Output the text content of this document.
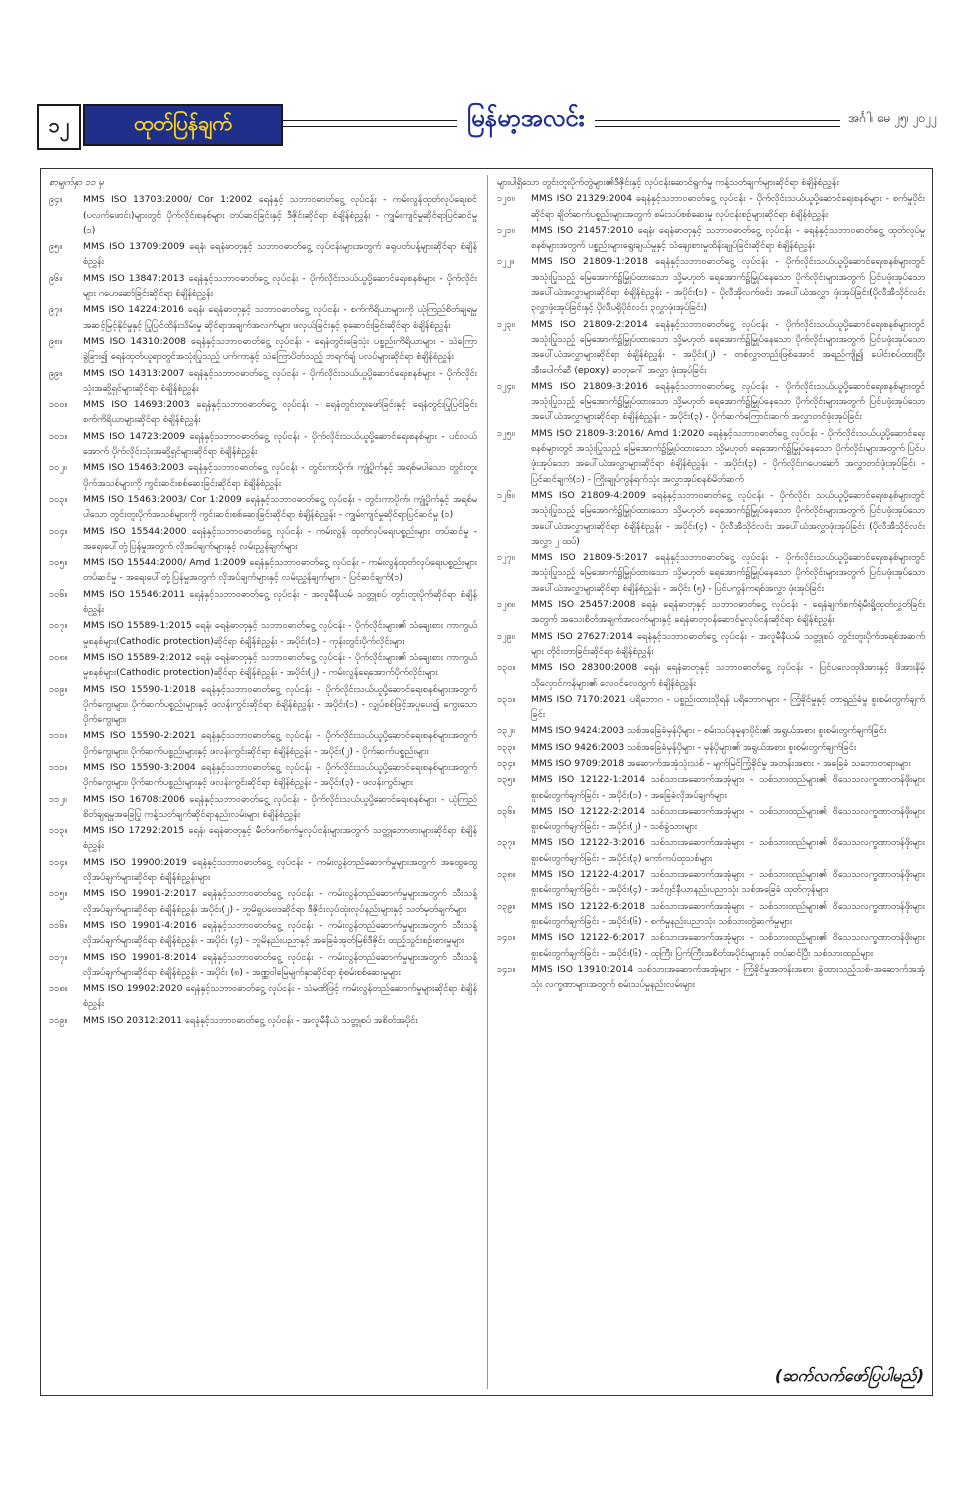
၁၂	ထုတ်ပြန်ချက်	မြန်မာ့အလင်း	အင်္ဂါ၊ မေ ၂၅၊ ၂၀၂၂
စာမျက်နှာ ၁၁ မှ
၉၄။	MMS ISO 13703:2000/ Cor 1:2002 ရေနံနှင့် သဘာဝဓာတ်ငွေ့ လုပ်ငန်း - ကမ်းလွန်ထုတ်လုပ်ရေးစင် (ပလက်ဖောင်း)များတွင် ပိုက်လိုင်းစနစ်များ တပ်ဆင်ခြင်းနှင့် ဒီဇိုင်းဆိုင်ရာ စံချိန်စံညွှန်း - ကျွမ်းကျင်မှုဆိုင်ရာပြင်ဆင်မှု (၁)
၉၅။	MMS ISO 13709:2009 ရေနံ၊ ရေနံဓာတုနှင့် သဘာဝဓာတ်ငွေ့ လုပ်ငန်းများအတွက် ခရုပတ်ပန့်များဆိုင်ရာ စံချိန်စံညွှန်း
၉၆။	MMS ISO 13847:2013 ရေနံနှင့်သဘာဝဓာတ်ငွေ့ လုပ်ငန်း - ပိုက်လိုင်းသယ်ယူပို့ဆောင်ရေးစနစ်များ - ပိုက်လိုင်းများ ဂဟေဆော်ခြင်းဆိုင်ရာ စံချိန်စံညွှန်း
၉၇။	MMS ISO 14224:2016 ရေနံ၊ ရေနံဓာတုနှင့် သဘာဝဓာတ်ငွေ့ လုပ်ငန်း - စက်ကိရိယာများကို ယုံကြည်စိတ်ချရမှုအဆင့်မြင့်နိုင်မှုနှင့် ပြုပြင်ထိန်းသိမ်းမှု ဆိုင်ရာအချက်အလက်များ ဖလှယ်ခြင်းနှင့် စုဆောင်းခြင်းဆိုင်ရာ စံချိန်စံညွှန်း
၉၈။	MMS ISO 14310:2008 ရေနံနှင့်သဘာဝဓာတ်ငွေ့ လုပ်ငန်း - ရေနံတွင်းခြေသုံး ပစ္စည်းကိရိယာများ - သဲကြောခွဲခြား၍ ရေနံထုတ်ယူရာတွင်အသုံးပြုသည့် ပက်ကာနှင့် သဲကြောပိတ်သည့် ဘရက်ချ် ပလပ်များဆိုင်ရာ စံချိန်စံညွှန်း
၉၉။	MMS ISO 14313:2007 ရေနံနှင့်သဘာဝဓာတ်ငွေ့ လုပ်ငန်း - ပိုက်လိုင်းသယ်ယူပို့ဆောင်ရေးစနစ်များ - ပိုက်လိုင်းသုံးအဆို့ရှင်များဆိုင်ရာ စံချိန်စံညွှန်း
၁၀၀။	MMS ISO 14693:2003 ရေနံနှင့်သဘာဝဓာတ်ငွေ့ လုပ်ငန်း - ရေနံတွင်းတူးဖော်ခြင်းနှင့် ရေနံတွင်းပြုပြင်ခြင်း စက်ကိရိယာများဆိုင်ရာ စံချိန်စံညွှန်း
၁၀၁။	MMS ISO 14723:2009 ရေနံနှင့်သဘာဝဓာတ်ငွေ့ လုပ်ငန်း - ပိုက်လိုင်းသယ်ယူပို့ဆောင်ရေးစနစ်များ - ပင်လယ်အောက် ပိုက်လိုင်းသုံးအဆို့ရှင်များဆိုင်ရာ စံချိန်စံညွှန်း
၁၀၂။	MMS ISO 15463:2003 ရေနံနှင့်သဘာဝဓာတ်ငွေ့ လုပ်ငန်း - တွင်းကာပိုက်၊ ကျုံ့ပိုက်နှင့် အရစ်မပါသော တွင်းတူးပိုက်အသစ်များကို ကွင်းဆင်းစစ်ဆေးခြင်းဆိုင်ရာ စံချိန်စံညွှန်း
၁၀၃။	MMS ISO 15463:2003/ Cor 1:2009 ရေနံနှင့်သဘာဝဓာတ်ငွေ့ လုပ်ငန်း - တွင်းကာပိုက်၊ ကျုံ့ပိုက်နှင့် အရစ်မပါသော တွင်းတူးပိုက်အသစ်များကို ကွင်းဆင်းစစ်ဆေးခြင်းဆိုင်ရာ စံချိန်စံညွှန်း - ကျွမ်းကျင်မှုဆိုင်ရာပြင်ဆင်မှု (၁)
၁၀၄။	MMS ISO 15544:2000 ရေနံနှင့်သဘာဝဓာတ်ငွေ့ လုပ်ငန်း - ကမ်းလွန် ထုတ်လုပ်ရေးပစ္စည်းများ တပ်ဆင်မှု - အရေးပေါ်တုံ့ပြန်မှုအတွက် လိုအပ်ချက်များနှင့် လမ်းညွှန်ချက်များ
၁၀၅။	MMS ISO 15544:2000/ Amd 1:2009 ရေနံနှင့်သဘာဝဓာတ်ငွေ့ လုပ်ငန်း - ကမ်းလွန်ထုတ်လုပ်ရေးပစ္စည်းများတပ်ဆင်မှု - အရေးပေါ်တုံ့ပြန်မှုအတွက် လိုအပ်ချက်များနှင့် လမ်းညွှန်ချက်များ - ပြင်ဆင်ချက်(၁)
၁၀၆။	MMS ISO 15546:2011 ရေနံနှင့်သဘာဝဓာတ်ငွေ့ လုပ်ငန်း - အလူမီနီယမ် သတ္တုစပ် တွင်းတူးပိုက်ဆိုင်ရာ စံချိန်စံညွှန်း
၁၀၇။	MMS ISO 15589-1:2015 ရေနံ၊ ရေနံဓာတုနှင့် သဘာဝဓာတ်ငွေ့ လုပ်ငန်း - ပိုက်လိုင်းများ၏ သံချေးစား ကာကွယ်မှုစနစ်များ(Cathodic protection)ဆိုင်ရာ စံချိန်စံညွှန်း - အပိုင်း(၁) - ကုန်းတွင်းပိုက်လိုင်းများ
၁၀၈။	MMS ISO 15589-2:2012 ရေနံ၊ ရေနံဓာတုနှင့် သဘာဝဓာတ်ငွေ့ လုပ်ငန်း - ပိုက်လိုင်းများ၏ သံချေးစား ကာကွယ်မှုစနစ်များ(Cathodic protection)ဆိုင်ရာ စံချိန်စံညွှန်း - အပိုင်း(၂) - ကမ်းလွန်ရေအောက်ပိုက်လိုင်းများ
၁၀၉။	MMS ISO 15590-1:2018 ရေနံနှင့်သဘာဝဓာတ်ငွေ့ လုပ်ငန်း - ပိုက်လိုင်းသယ်ယူပို့ဆောင်ရေးစနစ်များအတွက် ပိုက်ကွေးများ၊ ပိုက်ဆက်ပစ္စည်းများနှင့် ဖလန်းကွင်းဆိုင်ရာ စံချိန်စံညွှန်း - အပိုင်း(၁) - လျှပ်စစ်ဖြင့်အပူပေး၍ ကွေးသောပိုက်ကွေးများ
၁၁၀။	MMS ISO 15590-2:2021 ရေနံနှင့်သဘာဝဓာတ်ငွေ့ လုပ်ငန်း - ပိုက်လိုင်းသယ်ယူပို့ဆောင်ရေးစနစ်များအတွက် ပိုက်ကွေးများ၊ ပိုက်ဆက်ပစ္စည်းများနှင့် ဖလန်းကွင်းဆိုင်ရာ စံချိန်စံညွှန်း - အပိုင်း(၂) - ပိုက်ဆက်ပစ္စည်းများ
၁၁၁။	MMS ISO 15590-3:2004 ရေနံနှင့်သဘာဝဓာတ်ငွေ့ လုပ်ငန်း - ပိုက်လိုင်းသယ်ယူပို့ဆောင်ရေးစနစ်များအတွက် ပိုက်ကွေးများ၊ ပိုက်ဆက်ပစ္စည်းများနှင့် ဖလန်းကွင်းဆိုင်ရာ စံချိန်စံညွှန်း - အပိုင်း(၃) - ဖလန်းကွင်းများ
၁၁၂။	MMS ISO 16708:2006 ရေနံနှင့်သဘာဝဓာတ်ငွေ့ လုပ်ငန်း - ပိုက်လိုင်းသယ်ယူပို့ဆောင်ရေးစနစ်များ - ယုံကြည်စိတ်ချရမှုအခြေပြု ကန့်သတ်ချက်ဆိုင်ရာနည်းလမ်းများ စံချိန်စံညွှန်း
၁၁၃။	MMS ISO 17292:2015 ရေနံ၊ ရေနံဓာတုနှင့် မီတ်ဖက်စက်မှုလုပ်ငန်းများအတွက် သတ္တုဘောဗားများဆိုင်ရာ စံချိန်စံညွှန်း
၁၁၄။	MMS ISO 19900:2019 ရေနံနှင့်သဘာဝဓာတ်ငွေ့ လုပ်ငန်း - ကမ်းလွန်တည်ဆောက်မှုများအတွက် အထွေထွေလိုအပ်ချက်များဆိုင်ရာ စံချိန်စံညွှန်းများ
၁၁၅။	MMS ISO 19901-2:2017 ရေနံနှင့်သဘာဝဓာတ်ငွေ့ လုပ်ငန်း - ကမ်းလွန်တည်ဆောက်မှုများအတွက် သီးသန့်လိုအပ်ချက်များဆိုင်ရာ စံချိန်စံညွှန်း အပိုင်း(၂) - ဘူမိရူပဗေဒဆိုင်ရာ ဒီဇိုင်းလုပ်ထုံးလုပ်နည်းများနှင့် သတ်မှတ်ချက်များ
၁၁၆။	MMS ISO 19901-4:2016 ရေနံနှင့်သဘာဝဓာတ်ငွေ့ လုပ်ငန်း - ကမ်းလွန်တည်ဆောက်မှုများအတွက် သီးသန့်လိုအပ်ချက်များဆိုင်ရာ စံချိန်စံညွှန်း - အပိုင်း (၄) - ဘူမိနည်းပညာနှင့် အခြေခံအုတ်မြစ်ဒီဇိုင်း ထည့်သွင်းစဉ်းစားမှုများ
၁၁၇။	MMS ISO 19901-8:2014 ရေနံနှင့်သဘာဝဓာတ်ငွေ့ လုပ်ငန်း - ကမ်းလွန်တည်ဆောက်မှုများအတွက် သီးသန့်လိုအပ်ချက်များဆိုင်ရာ စံချိန်စံညွှန်း - အပိုင်း (၈) - အဏ္ဏဝါမြေမျက်နှာဆိုင်ရာ စုံစမ်းစစ်ဆေးမှုများ
၁၁၈။	MMS ISO 19902:2020 ရေနံနှင့်သဘာဝဓာတ်ငွေ့ လုပ်ငန်း - သံမဏိဖြင့် ကမ်းလွန်တည်ဆောက်မှုများဆိုင်ရာ စံချိန်စံညွှန်း
၁၁၉။	MMS ISO 20312:2011 ရေနံနှင့်သဘာဝဓာတ်ငွေ့ လုပ်ငန်း - အလူမီနီယံ သတ္တုစပ် အစိတ်အပိုင်း
များပါရှိသော တွင်းတူးပိုက်တွဲများ၏ဒီဇိုင်းနှင့် လုပ်ငန်းဆောင်ရွက်မှု ကန့်သတ်ချက်များဆိုင်ရာ စံချိန်စံညွှန်း
၁၂၀။	MMS ISO 21329:2004 ရေနံနှင့်သဘာဝဓာတ်ငွေ့ လုပ်ငန်း - ပိုက်လိုင်းသယ်ယူပို့ဆောင်ရေးစနစ်များ - စက်မှုပိုင်းဆိုင်ရာ ချိတ်ဆက်ပစ္စည်းများအတွက် စမ်းသပ်စစ်ဆေးမှု လုပ်ငန်းစဉ်များဆိုင်ရာ စံချိန်စံညွှန်း
၁၂၁။	MMS ISO 21457:2010 ရေနံ၊ ရေနံဓာတုနှင့် သဘာဝဓာတ်ငွေ့ လုပ်ငန်း - ရေနံနှင့်သဘာဝဓာတ်ငွေ့ ထုတ်လုပ်မှုစနစ်များအတွက် ပစ္စည်းများရွေးချယ်မှုနှင့် သံချေးစားမှုထိန်းချုပ်ခြင်းဆိုင်ရာ စံချိန်စံညွှန်း
၁၂၂။	MMS ISO 21809-1:2018 ရေနံနှင့်သဘာဝဓာတ်ငွေ့ လုပ်ငန်း - ပိုက်လိုင်းသယ်ယူပို့ဆောင်ရေးစနစ်များတွင် အသုံးပြုသည့် မြေအောက်၌မြှုပ်ထားသော သို့မဟုတ် ရေအောက်၌မြှုပ်နေသော ပိုက်လိုင်းများအတွက် ပြင်ပဖုံးအုပ်သော အပေါ်ယံအလွှာများဆိုင်ရာ စံချိန်စံညွှန်း - အပိုင်း(၁) - ပိုလီအိုလက်ဖင်း အပေါ်ယံအလွှာ ဖုံးအုပ်ခြင်း(ပိုလီအီသိုင်လင်း ၃လွှာဖုံးအုပ်ခြင်းနှင့် ပိုလီပရိုပိုင်လင်း ၃လွှာဖုံးအုပ်ခြင်း)
၁၂၃။	MMS ISO 21809-2:2014 ရေနံနှင့်သဘာဝဓာတ်ငွေ့ လုပ်ငန်း - ပိုက်လိုင်းသယ်ယူပို့ဆောင်ရေးစနစ်များတွင် အသုံးပြုသည့် မြေအောက်၌မြှုပ်ထားသော သို့မဟုတ် ရေအောက်၌မြှုပ်နေသော ပိုက်လိုင်းများအတွက် ပြင်ပဖုံးအုပ်သော အပေါ်ယံအလွှာများဆိုင်ရာ စံချိန်စံညွှန်း - အပိုင်း(၂) - တစ်လွှာတည်းဖြစ်အောင် အရည်ကျို၍ ပေါင်းစပ်ထားပြီး အီးပေါက်ဆီ (epoxy) ဓာတုဂေါ် အလွှာ ဖုံးအုပ်ခြင်း
၁၂၄။	MMS ISO 21809-3:2016 ရေနံနှင့်သဘာဝဓာတ်ငွေ့ လုပ်ငန်း - ပိုက်လိုင်းသယ်ယူပို့ဆောင်ရေးစနစ်များတွင် အသုံးပြုသည့် မြေအောက်၌မြှုပ်ထားသော သို့မဟုတ် ရေအောက်၌မြှုပ်နေသော ပိုက်လိုင်းများအတွက် ပြင်ပဖုံးအုပ်သော အပေါ်ယံအလွှာများဆိုင်ရာ စံချိန်စံညွှန်း - အပိုင်း(၃) - ပိုက်ဆက်ကြောင်းဆက် အလွှာတင်ဖုံးအုပ်ခြင်း
၁၂၅။	MMS ISO 21809-3:2016/ Amd 1:2020 ရေနံနှင့်သဘာဝဓာတ်ငွေ့ လုပ်ငန်း - ပိုက်လိုင်းသယ်ယူပို့ဆောင်ရေးစနစ်များတွင် အသုံးပြုသည့် မြေအောက်၌မြှုပ်ထားသော သို့မဟုတ် ရေအောက်၌မြှုပ်နေသော ပိုက်လိုင်းများအတွက် ပြင်ပဖုံးအုပ်သော အပေါ်ယံအလွှာများဆိုင်ရာ စံချိန်စံညွှန်း - အပိုင်း(၃) - ပိုက်လိုင်းဂဟေဆော် အလွှာတင်ဖုံးအုပ်ခြင်း - ပြင်ဆင်ချက်(၁) - ကြိုးချုပ်ကွန်ရက်သုံး အလွှာအုပ်စနစ်မိတ်ဆက်
၁၂၆။	MMS ISO 21809-4:2009 ရေနံနှင့်သဘာဝဓာတ်ငွေ့ လုပ်ငန်း - ပိုက်လိုင်း သယ်ယူပို့ဆောင်ရေးစနစ်များတွင် အသုံးပြုသည့် မြေအောက်၌မြှုပ်ထားသော သို့မဟုတ် ရေအောက်၌မြှုပ်နေသော ပိုက်လိုင်းများအတွက် ပြင်ပဖုံးအုပ်သော အပေါ်ယံအလွှာများဆိုင်ရာ စံချိန်စံညွှန်း - အပိုင်း(၄) - ပိုလီအီသိုင်လင်း အပေါ်ယံအလွှာဖုံးအုပ်ခြင်း (ပိုလီအီသိုင်လင်းအလွှာ ၂ ထပ်)
၁၂၇။	MMS ISO 21809-5:2017 ရေနံနှင့်သဘာဝဓာတ်ငွေ့ လုပ်ငန်း - ပိုက်လိုင်းသယ်ယူပို့ဆောင်ရေးစနစ်များတွင် အသုံးပြုသည့် မြေအောက်၌မြှုပ်ထားသော သို့မဟုတ် ရေအောက်၌မြှုပ်နေသော ပိုက်လိုင်းများအတွက် ပြင်ပဖုံးအုပ်သော အပေါ်ယံအလွှာများဆိုင်ရာ စံချိန်စံညွှန်း - အပိုင်း (၅) - ပြင်ပကွန်ကရစ်အလွှာ ဖုံးအုပ်ခြင်း
၁၂၈။	MMS ISO 25457:2008 ရေနံ၊ ရေနံဓာတုနှင့် သဘာဝဓာတ်ငွေ့ လုပ်ငန်း - ရေနံချက်စက်ရုံမီးရှို့ထုတ်လွှတ်ခြင်းအတွက် အသေးစိတ်အချက်အလက်များနှင့် ရေနံဓာတုဝန်ဆောင်မှုလုပ်ငန်းဆိုင်ရာ စံချိန်စံညွှန်း
၁၂၉။	MMS ISO 27627:2014 ရေနံနှင့်သဘာဝဓာတ်ငွေ့ လုပ်ငန်း - အလူမီနီယမ် သတ္တုစပ် တွင်းတူးပိုက်အရစ်အဆက်များ တိုင်းတာခြင်းဆိုင်ရာ စံချိန်စံညွှန်း
၁၃၀။	MMS ISO 28300:2008 ရေနံ၊ ရေနံဓာတုနှင့် သဘာဝဓာတ်ငွေ့ လုပ်ငန်း - ပြင်ပလေထုဖိအားနှင့် ဖိအားနိမ့် သိုလှောင်ကန်များ၏ လေဝင်လေထွက် စံချိန်စံညွှန်း
၁၃၁။	MMS ISO 7170:2021 ပရိဘောဂ - ပစ္စည်းထားသိုရန် ပရိဘောဂများ - ကြံ့ခိုင်မှုနှင့် တာရှည်ခံမှု စူးစမ်းတွက်ချက်ခြင်း
၁၃၂။	MMS ISO 9424:2003 သစ်အခြေခံမှန်ပိုများ - စမ်းသပ်နမူနာပိုင်း၏ အရွယ်အစား စူးစမ်းတွက်ချက်ခြင်း
၁၃၃။	MMS ISO 9426:2003 သစ်အခြေခံမှန်ပိုများ - မှန်ပိုများ၏ အရွယ်အစား စူးစမ်းတွက်ချက်ခြင်း
၁၃၄။	MMS ISO 9709:2018 အဆောက်အအုံသုံးသစ် - မျက်မြင်ကြံ့ခိုင်မှု အတန်းအစား - အခြေခံ သဘောတရားများ
၁၃၅။	MMS ISO 12122-1:2014 သစ်သားအဆောက်အအုံများ - သစ်သားထည်များ၏ ဝိသေသလက္ခဏာတန်ဖိုးများ စူးစမ်းတွက်ချက်ခြင်း - အပိုင်း(၁) - အခြေခံလိုအပ်ချက်များ
၁၃၆။	MMS ISO 12122-2:2014 သစ်သားအဆောက်အအုံများ - သစ်သားထည်များ၏ ဝိသေသလက္ခဏာတန်ဖိုးများ စူးစမ်းတွက်ချက်ခြင်း - အပိုင်း(၂) - သစ်ခွဲသားများ
၁၃၇။	MMS ISO 12122-3:2016 သစ်သားအဆောက်အအုံများ - သစ်သားထည်များ၏ ဝိသေသလက္ခဏာတန်ဖိုးများ စူးစမ်းတွက်ချက်ခြင်း - အပိုင်း(၃) ကော်ကပ်ထုသစ်များ
၁၃၈။	MMS ISO 12122-4:2017 သစ်သားအဆောက်အအုံများ - သစ်သားထည်များ၏ ဝိသေသလက္ခဏာတန်ဖိုးများ စူးစမ်းတွက်ချက်ခြင်း - အပိုင်း(၄) - အင်ဂျင်နီယာနည်းပညာသုံး သစ်အခြေခံ ထုတ်ကုန်များ
၁၃၉။	MMS ISO 12122-6:2018 သစ်သားအဆောက်အအုံများ - သစ်သားထည်များ၏ ဝိသေသလက္ခဏာတန်ဖိုးများ စူးစမ်းတွက်ချက်ခြင်း - အပိုင်း(၆) - စက်မှုနည်းပညာသုံး သစ်သားတွဲဆက်မှုများ
၁၄၀။	MMS ISO 12122-6:2017 သစ်သားအဆောက်အအုံများ - သစ်သားထည်များ၏ ဝိသေသလက္ခဏာတန်ဖိုးများ စူးစမ်းတွက်ချက်ခြင်း - အပိုင်း(၆) - ထုကြီး ပြက်ကြီးအစိတ်အပိုင်းများနှင့် တပ်ဆင်ပြီး သစ်သားထည်များ
၁၄၁။	MMS ISO 13910:2014 သစ်သားအဆောက်အအုံများ - ကြံ့ခိုင်မှုအတန်းအစား ခွဲထားသည့်သစ်-အဆောက်အအုံသုံး လက္ခဏာများအတွက် စမ်းသပ်မှုနည်းလမ်းများ
(ဆက်လက်ဖော်ပြပါမည်)
